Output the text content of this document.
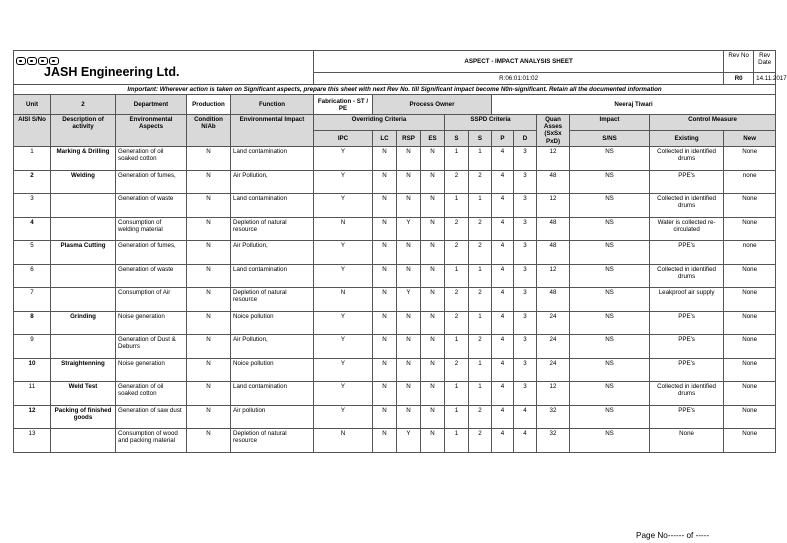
JASH Engineering Ltd.					ASPECT - IMPACT ANALYSIS SHEET											Rev No	Rev Date
					R:06:01:01:02											R0	14.11.2017
Important: Wherever action is taken on Significant aspects, prepare this sheet with next Rev No. till Significant impact become N0n-significant. Retain all the documented information																	
Unit	2	Department	Production	Function	Fabrication - ST / PE	Process Owner					Neeraj Tiwari						
AISI S/No	Description of activity	Environmental Aspects	Condition N/Ab	Environmental Impact	Overriding Criteria				SSPD Criteria				Quan Asses (SxSx PxD)	Impact	Control Measure		
					IPC	LC	RSP	ES	S	S	P	D		S/NS	Existing	New	
1	Marking & Drilling	Generation of oil soaked cotton	N	Land contamination	Y	N	N	N	1	1	4	3	12	NS	Collected in identified drums	None	
2	Welding	Generation of fumes,	N	Air Pollution,	Y	N	N	N	2	2	4	3	48	NS	PPE's	none	
3		Generation of waste	N	Land contamination	Y	N	N	N	1	1	4	3	12	NS	Collected in identified drums	None	
4		Consumption of welding material	N	Depletion of natural resource	N	N	Y	N	2	2	4	3	48	NS	Water is collected re-circulated	None	
5	Plasma Cutting	Generation of fumes,	N	Air Pollution,	Y	N	N	N	2	2	4	3	48	NS	PPE's	none	
6		Generation of waste	N	Land contamination	Y	N	N	N	1	1	4	3	12	NS	Collected in identified drums	None	
7		Consumption of Air	N	Depletion of natural resource	N	N	Y	N	2	2	4	3	48	NS	Leakproof air supply	None	
8	Grinding	Noise generation	N	Noice pollution	Y	N	N	N	2	1	4	3	24	NS	PPE's	None	
9		Generation of Dust & Deburrs	N	Air Pollution,	Y	N	N	N	1	2	4	3	24	NS	PPE's	None	
10	Straightenning	Noise generation	N	Noice pollution	Y	N	N	N	2	1	4	3	24	NS	PPE's	None	
11	Weld Test	Generation of oil soaked cotton	N	Land contamination	Y	N	N	N	1	1	4	3	12	NS	Collected in identified drums	None	
12	Packing of finished goods	Generation of saw dust	N	Air pollution	Y	N	N	N	1	2	4	4	32	NS	PPE's	None	
13		Consumption of wood and packing material	N	Depletion of natural resource	N	N	Y	N	1	2	4	4	32	NS	None	None	
Page No------ of -----
